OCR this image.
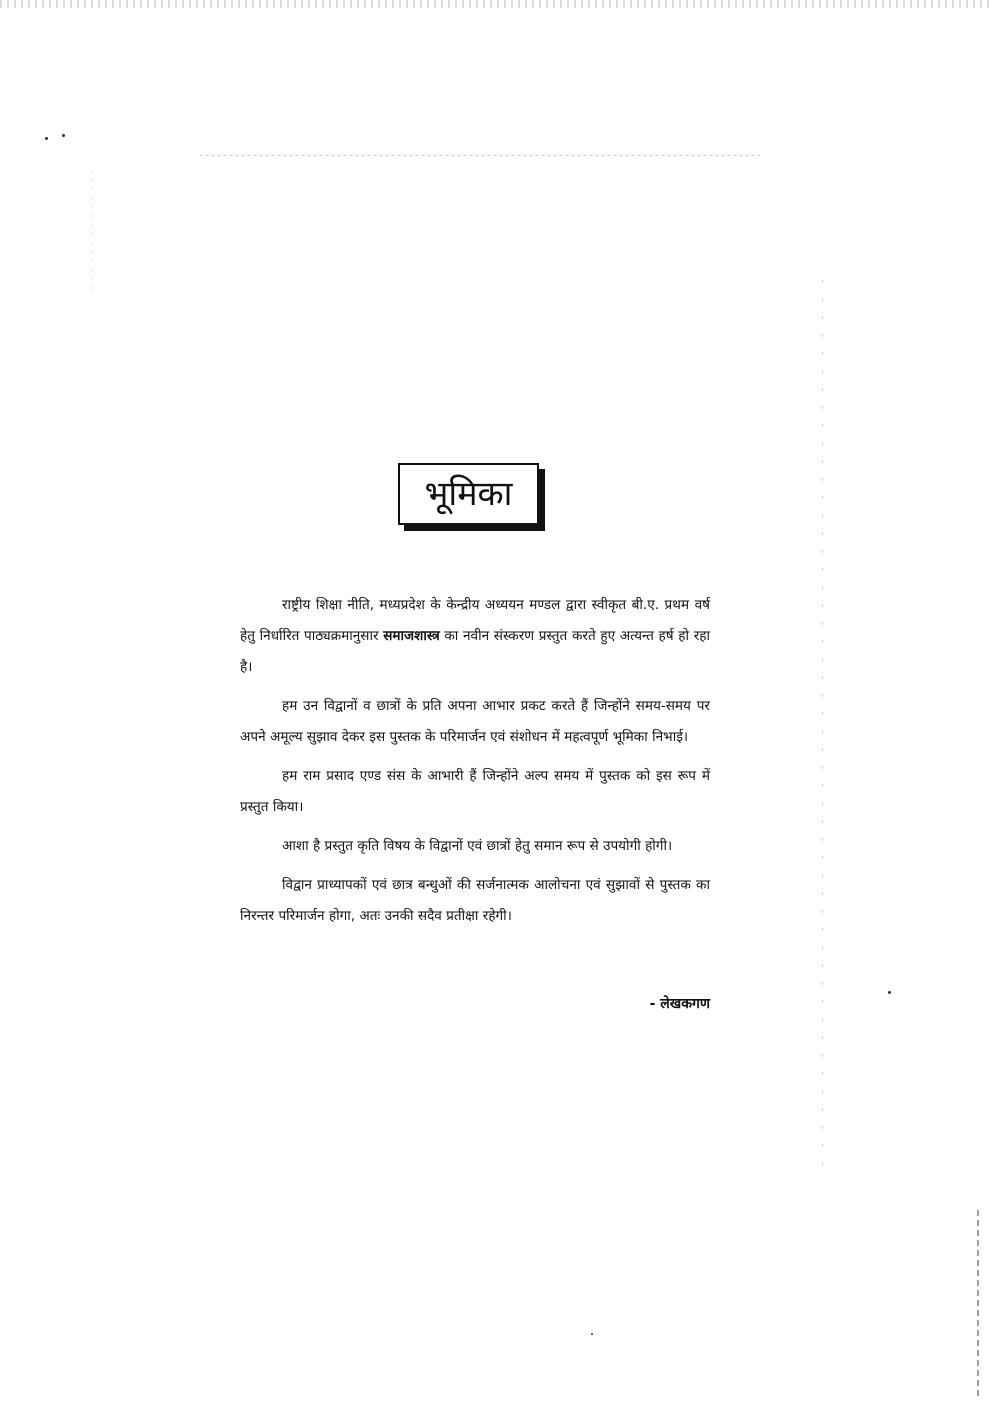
भूमिका

राष्ट्रीय शिक्षा नीति, मध्यप्रदेश के केन्द्रीय अध्ययन मण्डल द्वारा स्वीकृत बी.ए. प्रथम वर्ष हेतु निर्धारित पाठ्यक्रमानुसार समाजशास्त्र का नवीन संस्करण प्रस्तुत करते हुए अत्यन्त हर्ष हो रहा है।

हम उन विद्वानों व छात्रों के प्रति अपना आभार प्रकट करते हैं जिन्होंने समय-समय पर अपने अमूल्य सुझाव देकर इस पुस्तक के परिमार्जन एवं संशोधन में महत्वपूर्ण भूमिका निभाई।

हम राम प्रसाद एण्ड संस के आभारी हैं जिन्होंने अल्प समय में पुस्तक को इस रूप में प्रस्तुत किया।

आशा है प्रस्तुत कृति विषय के विद्वानों एवं छात्रों हेतु समान रूप से उपयोगी होगी।

विद्वान प्राध्यापकों एवं छात्र बन्धुओं की सर्जनात्मक आलोचना एवं सुझावों से पुस्तक का निरन्तर परिमार्जन होगा, अतः उनकी सदैव प्रतीक्षा रहेगी।

- लेखकगण
